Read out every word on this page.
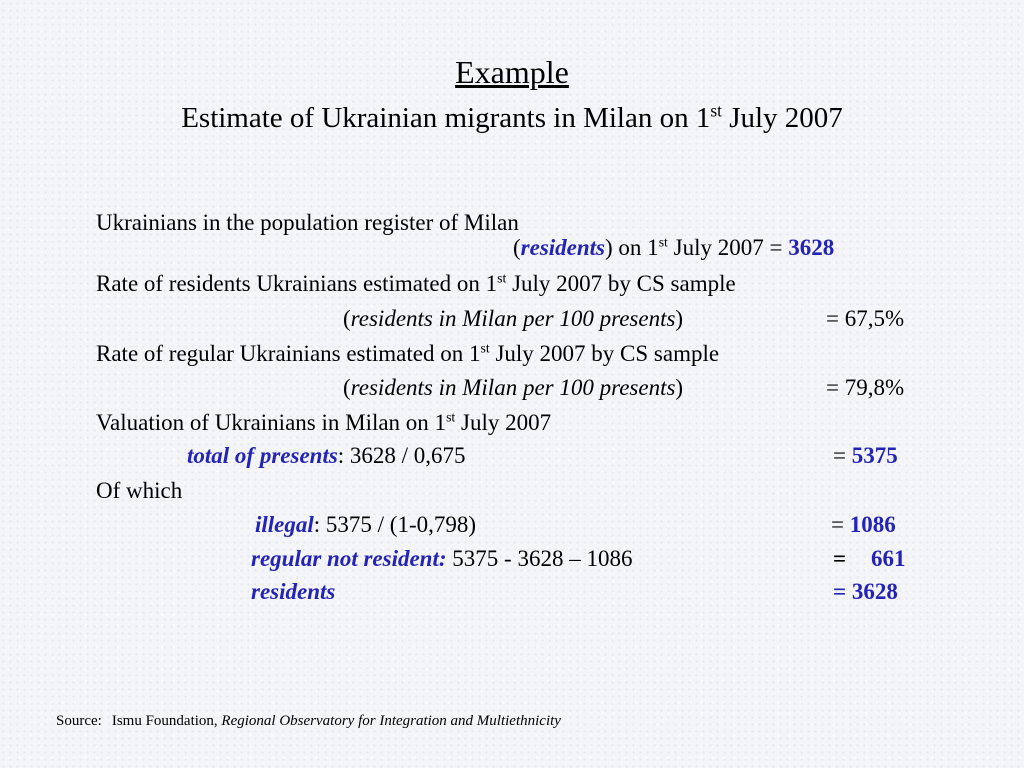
Example
Estimate of Ukrainian migrants in Milan on 1st July 2007
Ukrainians in the population register of Milan
(residents) on 1st July 2007 = 3628
Rate of residents Ukrainians estimated on 1st July 2007 by CS sample
(residents in Milan per 100 presents)	= 67,5%
Rate of regular Ukrainians estimated on 1st July 2007 by CS sample
(residents in Milan per 100 presents)	= 79,8%
Valuation of Ukrainians in Milan on 1st July 2007
total of presents: 3628 / 0,675	= 5375
Of which
illegal: 5375 / (1-0,798)	= 1086
regular not resident: 5375 - 3628 – 1086	= 661
residents	= 3628
Source: Ismu Foundation, Regional Observatory for Integration and Multiethnicity
